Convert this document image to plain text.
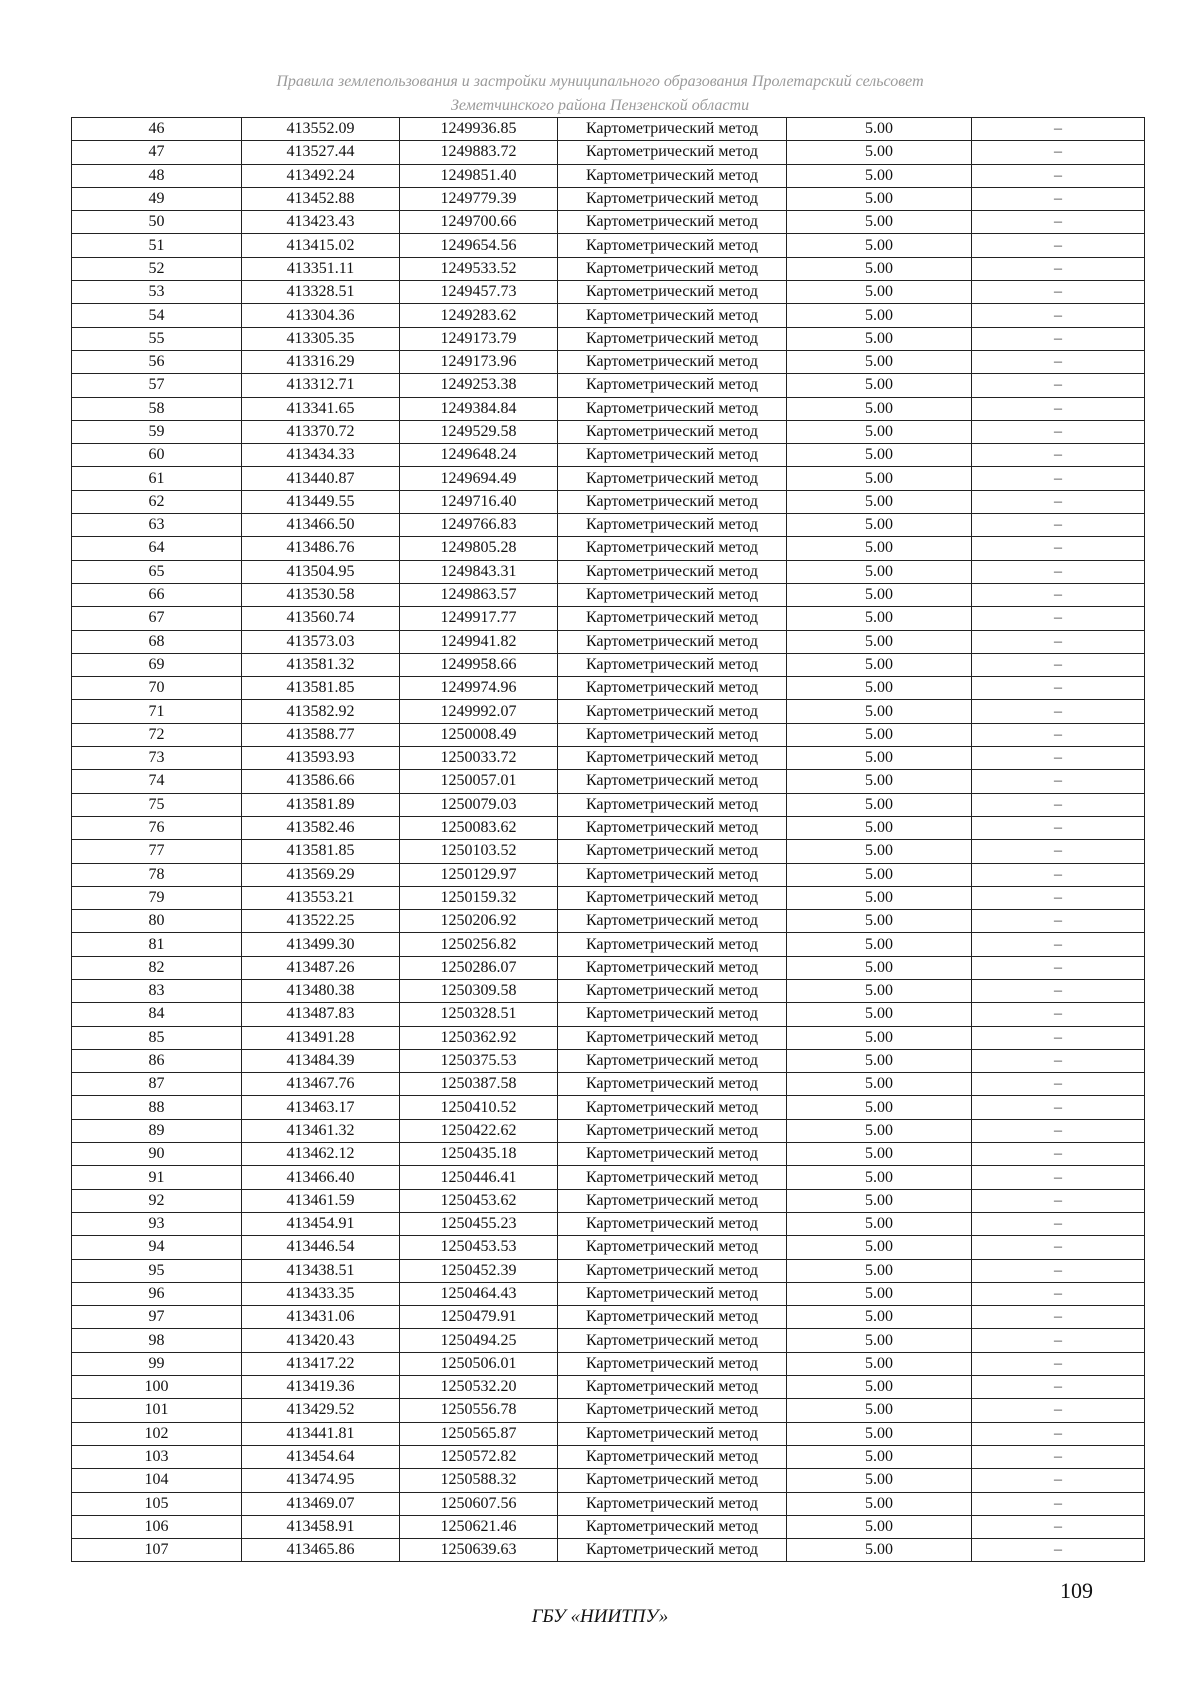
Правила землепользования и застройки муниципального образования Пролетарский сельсовет
Земетчинского района Пензенской области
46	413552.09	1249936.85	Картометрический метод	5.00	–
47	413527.44	1249883.72	Картометрический метод	5.00	–
48	413492.24	1249851.40	Картометрический метод	5.00	–
49	413452.88	1249779.39	Картометрический метод	5.00	–
50	413423.43	1249700.66	Картометрический метод	5.00	–
51	413415.02	1249654.56	Картометрический метод	5.00	–
52	413351.11	1249533.52	Картометрический метод	5.00	–
53	413328.51	1249457.73	Картометрический метод	5.00	–
54	413304.36	1249283.62	Картометрический метод	5.00	–
55	413305.35	1249173.79	Картометрический метод	5.00	–
56	413316.29	1249173.96	Картометрический метод	5.00	–
57	413312.71	1249253.38	Картометрический метод	5.00	–
58	413341.65	1249384.84	Картометрический метод	5.00	–
59	413370.72	1249529.58	Картометрический метод	5.00	–
60	413434.33	1249648.24	Картометрический метод	5.00	–
61	413440.87	1249694.49	Картометрический метод	5.00	–
62	413449.55	1249716.40	Картометрический метод	5.00	–
63	413466.50	1249766.83	Картометрический метод	5.00	–
64	413486.76	1249805.28	Картометрический метод	5.00	–
65	413504.95	1249843.31	Картометрический метод	5.00	–
66	413530.58	1249863.57	Картометрический метод	5.00	–
67	413560.74	1249917.77	Картометрический метод	5.00	–
68	413573.03	1249941.82	Картометрический метод	5.00	–
69	413581.32	1249958.66	Картометрический метод	5.00	–
70	413581.85	1249974.96	Картометрический метод	5.00	–
71	413582.92	1249992.07	Картометрический метод	5.00	–
72	413588.77	1250008.49	Картометрический метод	5.00	–
73	413593.93	1250033.72	Картометрический метод	5.00	–
74	413586.66	1250057.01	Картометрический метод	5.00	–
75	413581.89	1250079.03	Картометрический метод	5.00	–
76	413582.46	1250083.62	Картометрический метод	5.00	–
77	413581.85	1250103.52	Картометрический метод	5.00	–
78	413569.29	1250129.97	Картометрический метод	5.00	–
79	413553.21	1250159.32	Картометрический метод	5.00	–
80	413522.25	1250206.92	Картометрический метод	5.00	–
81	413499.30	1250256.82	Картометрический метод	5.00	–
82	413487.26	1250286.07	Картометрический метод	5.00	–
83	413480.38	1250309.58	Картометрический метод	5.00	–
84	413487.83	1250328.51	Картометрический метод	5.00	–
85	413491.28	1250362.92	Картометрический метод	5.00	–
86	413484.39	1250375.53	Картометрический метод	5.00	–
87	413467.76	1250387.58	Картометрический метод	5.00	–
88	413463.17	1250410.52	Картометрический метод	5.00	–
89	413461.32	1250422.62	Картометрический метод	5.00	–
90	413462.12	1250435.18	Картометрический метод	5.00	–
91	413466.40	1250446.41	Картометрический метод	5.00	–
92	413461.59	1250453.62	Картометрический метод	5.00	–
93	413454.91	1250455.23	Картометрический метод	5.00	–
94	413446.54	1250453.53	Картометрический метод	5.00	–
95	413438.51	1250452.39	Картометрический метод	5.00	–
96	413433.35	1250464.43	Картометрический метод	5.00	–
97	413431.06	1250479.91	Картометрический метод	5.00	–
98	413420.43	1250494.25	Картометрический метод	5.00	–
99	413417.22	1250506.01	Картометрический метод	5.00	–
100	413419.36	1250532.20	Картометрический метод	5.00	–
101	413429.52	1250556.78	Картометрический метод	5.00	–
102	413441.81	1250565.87	Картометрический метод	5.00	–
103	413454.64	1250572.82	Картометрический метод	5.00	–
104	413474.95	1250588.32	Картометрический метод	5.00	–
105	413469.07	1250607.56	Картометрический метод	5.00	–
106	413458.91	1250621.46	Картометрический метод	5.00	–
107	413465.86	1250639.63	Картометрический метод	5.00	–
109
ГБУ «НИИТПУ»
